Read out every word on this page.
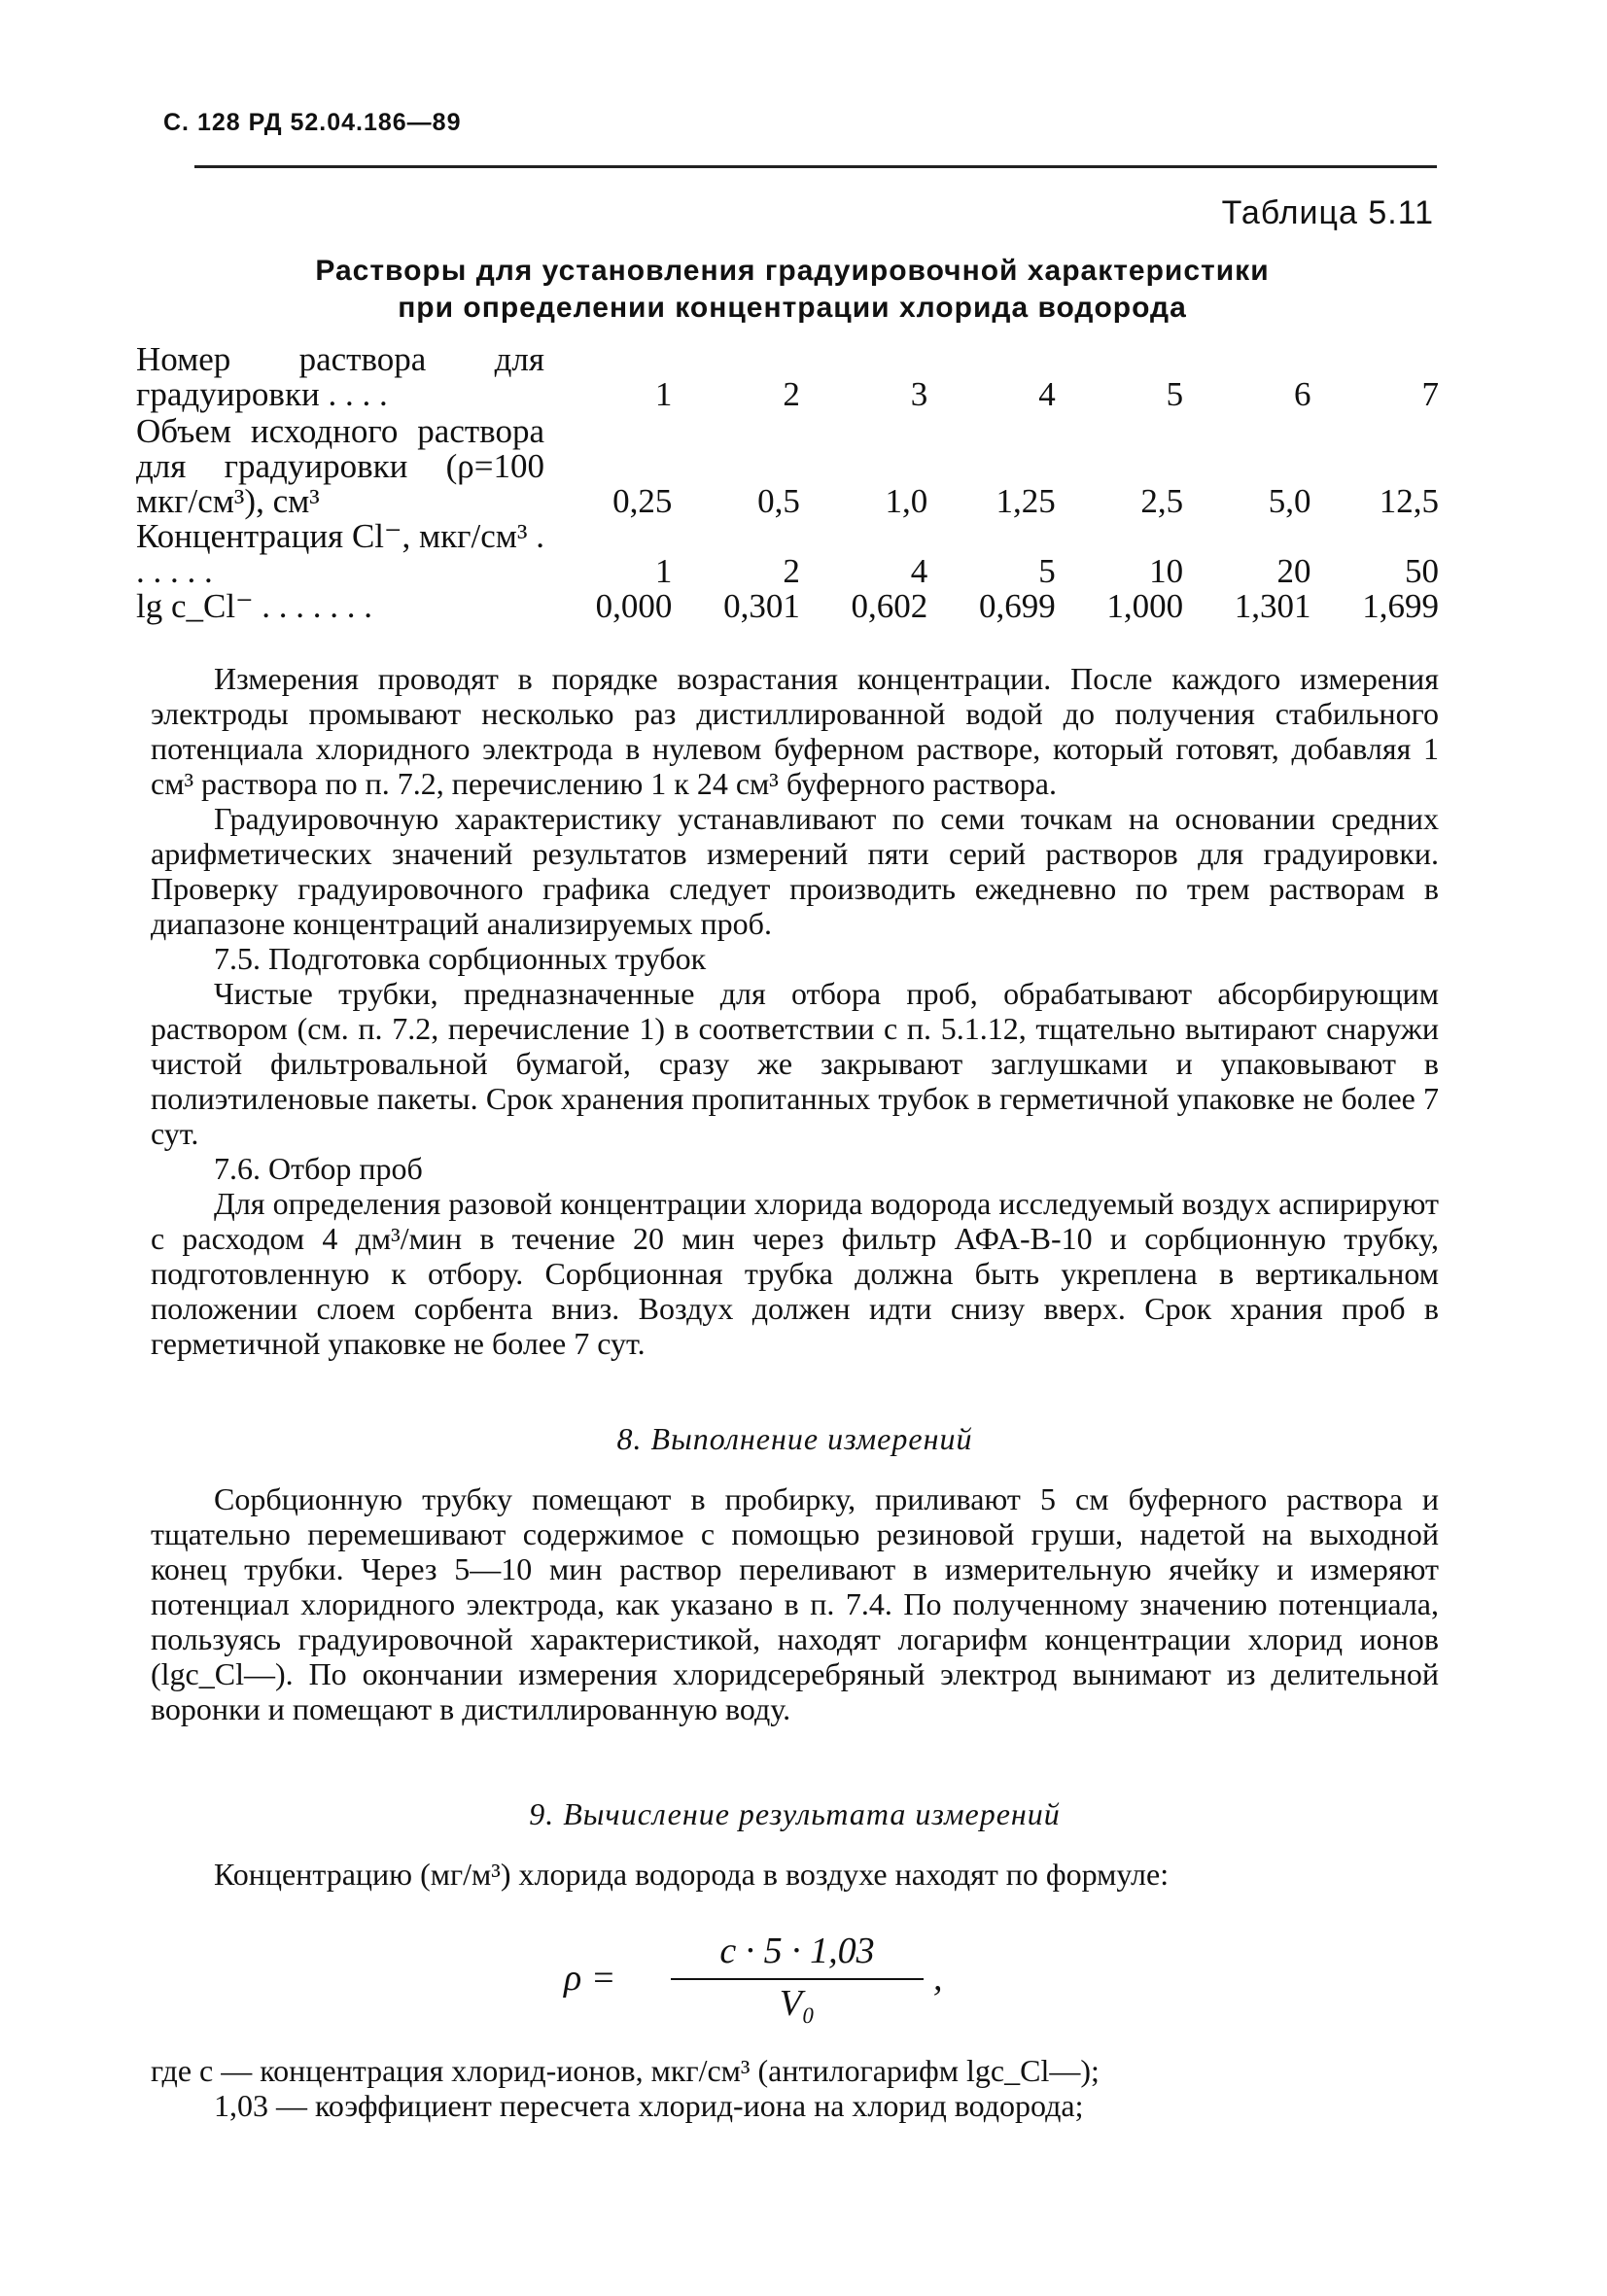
С. 128 РД 52.04.186—89
Таблица 5.11
Растворы для установления градуировочной характеристики
при определении концентрации хлорида водорода
Номер раствора для градуировки . . . .	1	2	3	4	5	6	7
Объем исходного раствора для градуировки (ρ=100 мкг/см³), см³	0,25	0,5	1,0	1,25	2,5	5,0	12,5
Концентрация Cl⁻, мкг/см³ . . . . . .	1	2	4	5	10	20	50
lg c_Cl⁻ . . . . . . .	0,000	0,301	0,602	0,699	1,000	1,301	1,699

Измерения проводят в порядке возрастания концентрации. После каждого измерения электроды промывают несколько раз дистиллированной водой до получения стабильного потенциала хлоридного электрода в нулевом буферном растворе, который готовят, добавляя 1 см³ раствора по п. 7.2, перечислению 1 к 24 см³ буферного раствора.

Градуировочную характеристику устанавливают по семи точкам на основании средних арифметических значений результатов измерений пяти серий растворов для градуировки. Проверку градуировочного графика следует производить ежедневно по трем растворам в диапазоне концентраций анализируемых проб.

7.5. Подготовка сорбционных трубок

Чистые трубки, предназначенные для отбора проб, обрабатывают абсорбирующим раствором (см. п. 7.2, перечисление 1) в соответствии с п. 5.1.12, тщательно вытирают снаружи чистой фильтровальной бумагой, сразу же закрывают заглушками и упаковывают в полиэтиленовые пакеты. Срок хранения пропитанных трубок в герметичной упаковке не более 7 сут.

7.6. Отбор проб

Для определения разовой концентрации хлорида водорода исследуемый воздух аспирируют с расходом 4 дм³/мин в течение 20 мин через фильтр АФА-В-10 и сорбционную трубку, подготовленную к отбору. Сорбционная трубка должна быть укреплена в вертикальном положении слоем сорбента вниз. Воздух должен идти снизу вверх. Срок храния проб в герметичной упаковке не более 7 сут.

8. Выполнение измерений

Сорбционную трубку помещают в пробирку, приливают 5 см буферного раствора и тщательно перемешивают содержимое с помощью резиновой груши, надетой на выходной конец трубки. Через 5—10 мин раствор переливают в измерительную ячейку и измеряют потенциал хлоридного электрода, как указано в п. 7.4. По полученному значению потенциала, пользуясь градуировочной характеристикой, находят логарифм концентрации хлорид ионов (lgc_Cl—). По окончании измерения хлоридсеребряный электрод вынимают из делительной воронки и помещают в дистиллированную воду.

9. Вычисление результата измерений

Концентрацию (мг/м³) хлорида водорода в воздухе находят по формуле:

$\rho = \frac{c \cdot 5 \cdot 1,03}{\text{V₀}}$ ,

где c — концентрация хлорид-ионов, мкг/см³ (антилогарифм lgc_Cl—);

1,03 — коэффициент пересчета хлорид-иона на хлорид водорода;
